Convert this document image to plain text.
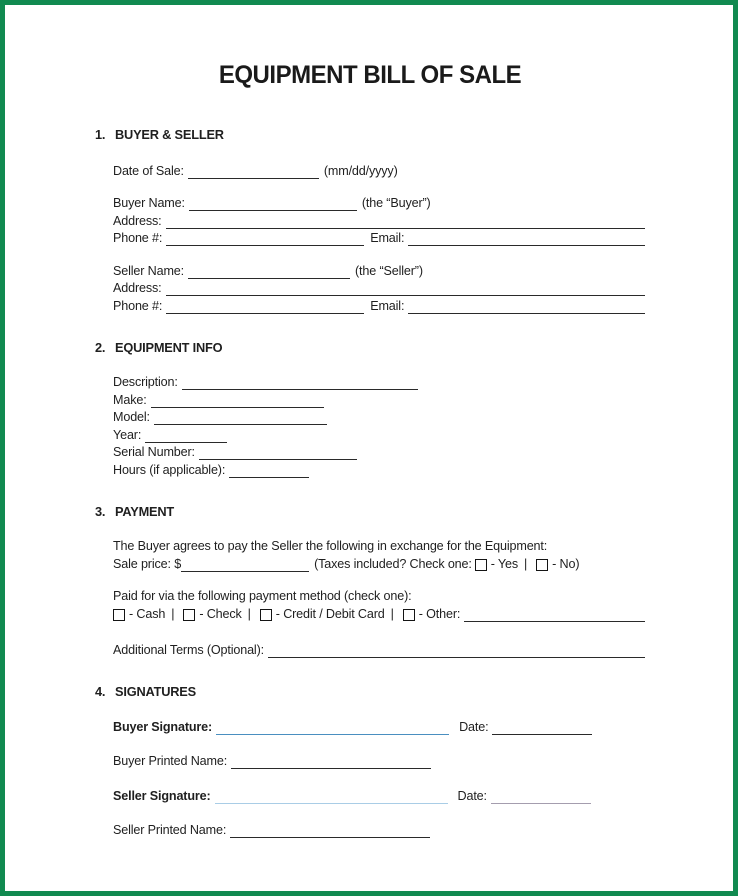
EQUIPMENT BILL OF SALE
1. BUYER & SELLER
Date of Sale:	(mm/dd/yyyy)
Buyer Name:	(the “Buyer”)
Address:
Phone #:	Email:
Seller Name:	(the “Seller”)
Address:
Phone #:	Email:
2. EQUIPMENT INFO
Description:
Make:
Model:
Year:
Serial Number:
Hours (if applicable):
3. PAYMENT
The Buyer agrees to pay the Seller the following in exchange for the Equipment:
Sale price: $	(Taxes included? Check one: - Yes | - No)
Paid for via the following payment method (check one):
- Cash | - Check | - Credit / Debit Card | - Other:
Additional Terms (Optional):
4. SIGNATURES
Buyer Signature:	Date:
Buyer Printed Name:
Seller Signature:	Date:
Seller Printed Name:
